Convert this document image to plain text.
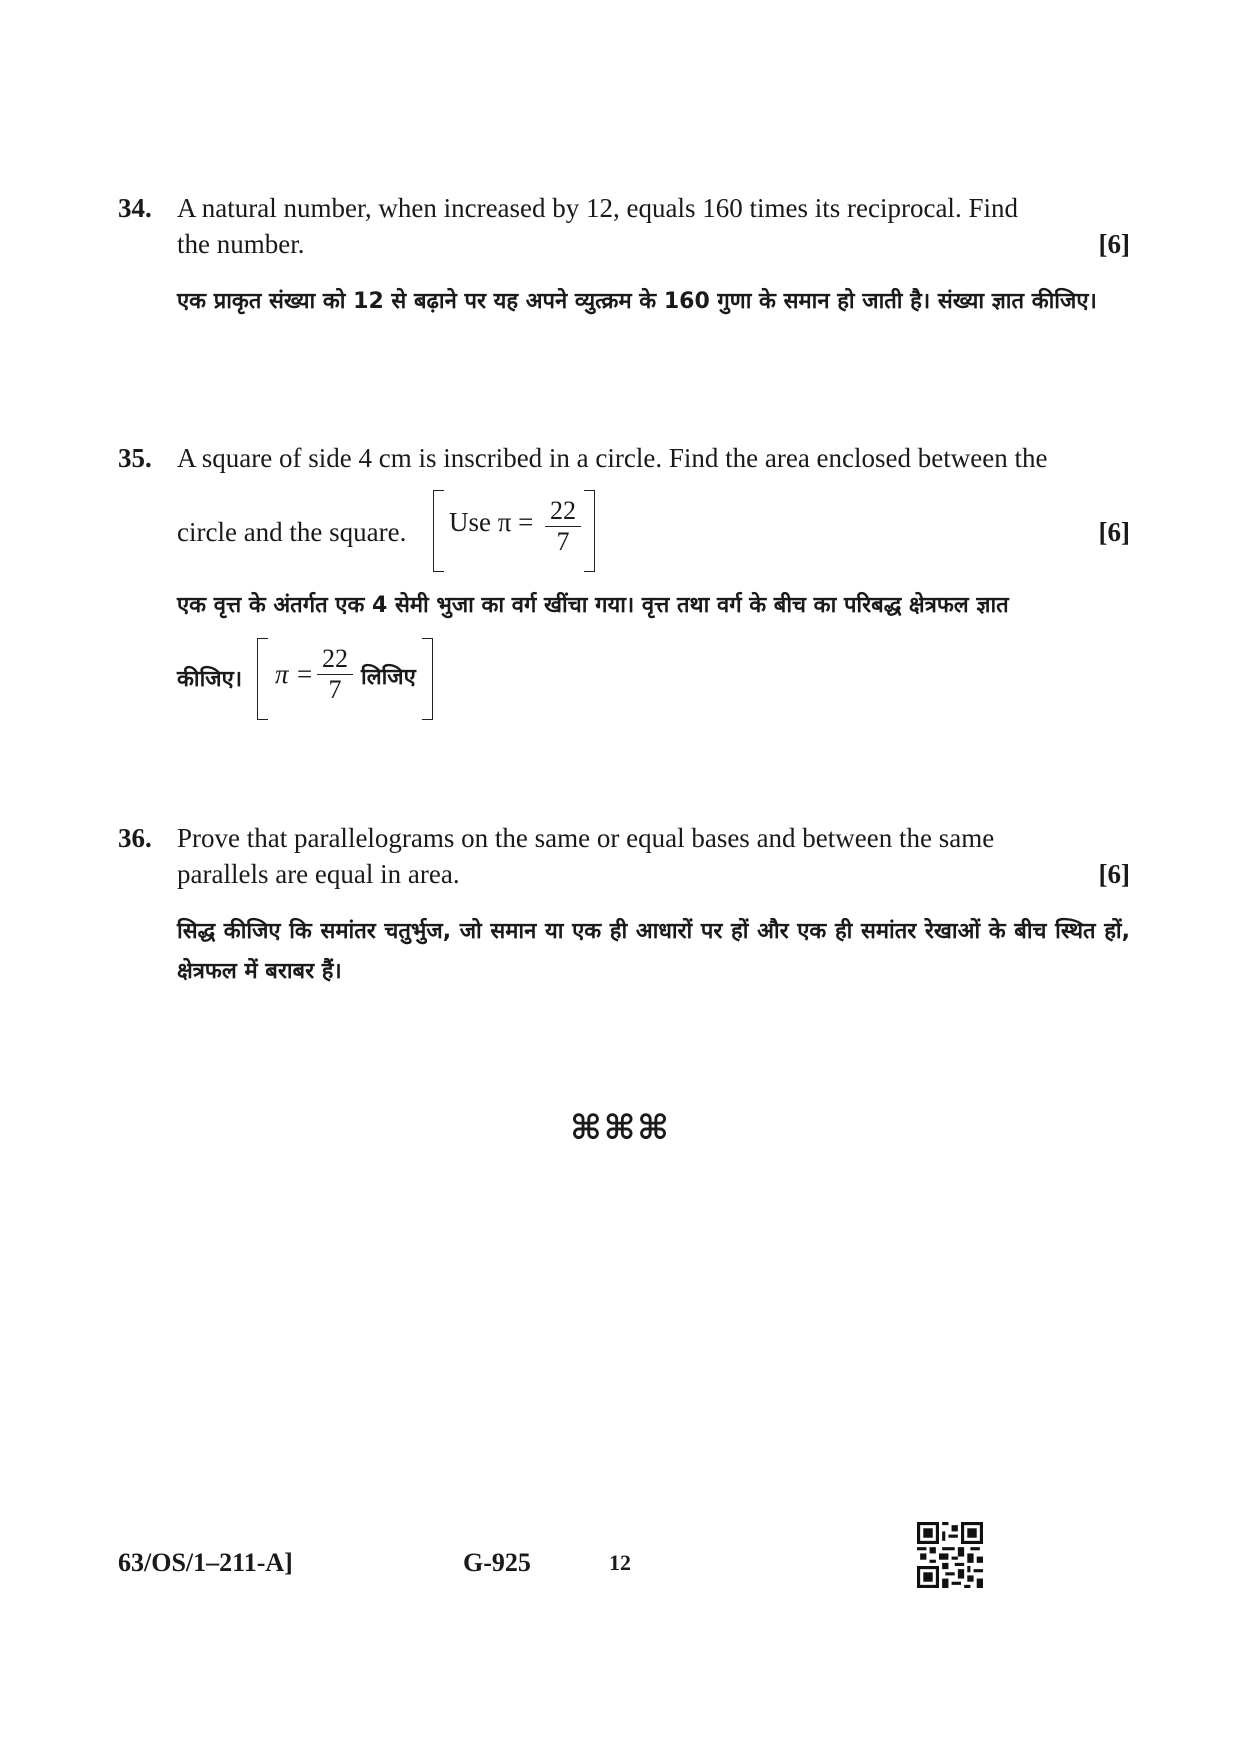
34. A natural number, when increased by 12, equals 160 times its reciprocal. Find
the number.	[6]
एक प्राकृत संख्या को 12 से बढ़ाने पर यह अपने व्युत्क्रम के 160 गुणा के समान हो जाती है। संख्या ज्ञात कीजिए।
35. A square of side 4 cm is inscribed in a circle. Find the area enclosed between the
circle and the square. Use π = 22
7	[6]
एक वृत्त के अंतर्गत एक 4 सेमी भुजा का वर्ग खींचा गया। वृत्त तथा वर्ग के बीच का परिबद्ध क्षेत्रफल ज्ञात
कीजिए। π =
22
7 लिजिए
36. Prove that parallelograms on the same or equal bases and between the same
parallels are equal in area.	[6]
सिद्ध कीजिए कि समांतर चतुर्भुज, जो समान या एक ही आधारों पर हों और एक ही समांतर रेखाओं के बीच स्थित हों, क्षेत्रफल में बराबर हैं।
⌘⌘⌘
63/OS/1–211-A]	G-925	12
